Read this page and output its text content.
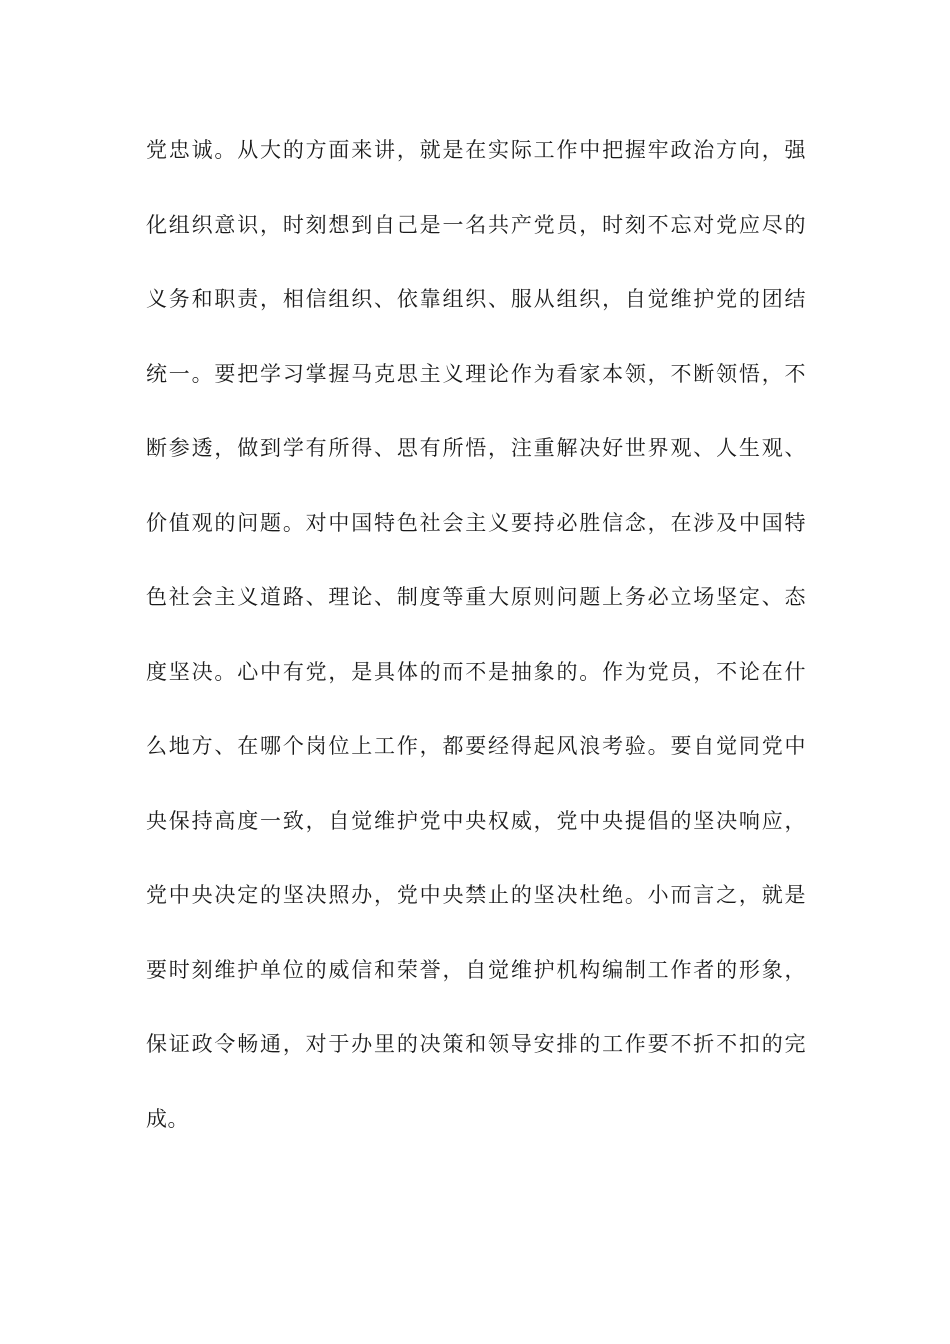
党忠诚。从大的方面来讲，就是在实际工作中把握牢政治方向，强
化组织意识，时刻想到自己是一名共产党员，时刻不忘对党应尽的
义务和职责，相信组织、依靠组织、服从组织，自觉维护党的团结
统一。要把学习掌握马克思主义理论作为看家本领，不断领悟，不
断参透，做到学有所得、思有所悟，注重解决好世界观、人生观、
价值观的问题。对中国特色社会主义要持必胜信念，在涉及中国特
色社会主义道路、理论、制度等重大原则问题上务必立场坚定、态
度坚决。心中有党，是具体的而不是抽象的。作为党员，不论在什
么地方、在哪个岗位上工作，都要经得起风浪考验。要自觉同党中
央保持高度一致，自觉维护党中央权威，党中央提倡的坚决响应，
党中央决定的坚决照办，党中央禁止的坚决杜绝。小而言之，就是
要时刻维护单位的威信和荣誉，自觉维护机构编制工作者的形象，
保证政令畅通，对于办里的决策和领导安排的工作要不折不扣的完
成。
